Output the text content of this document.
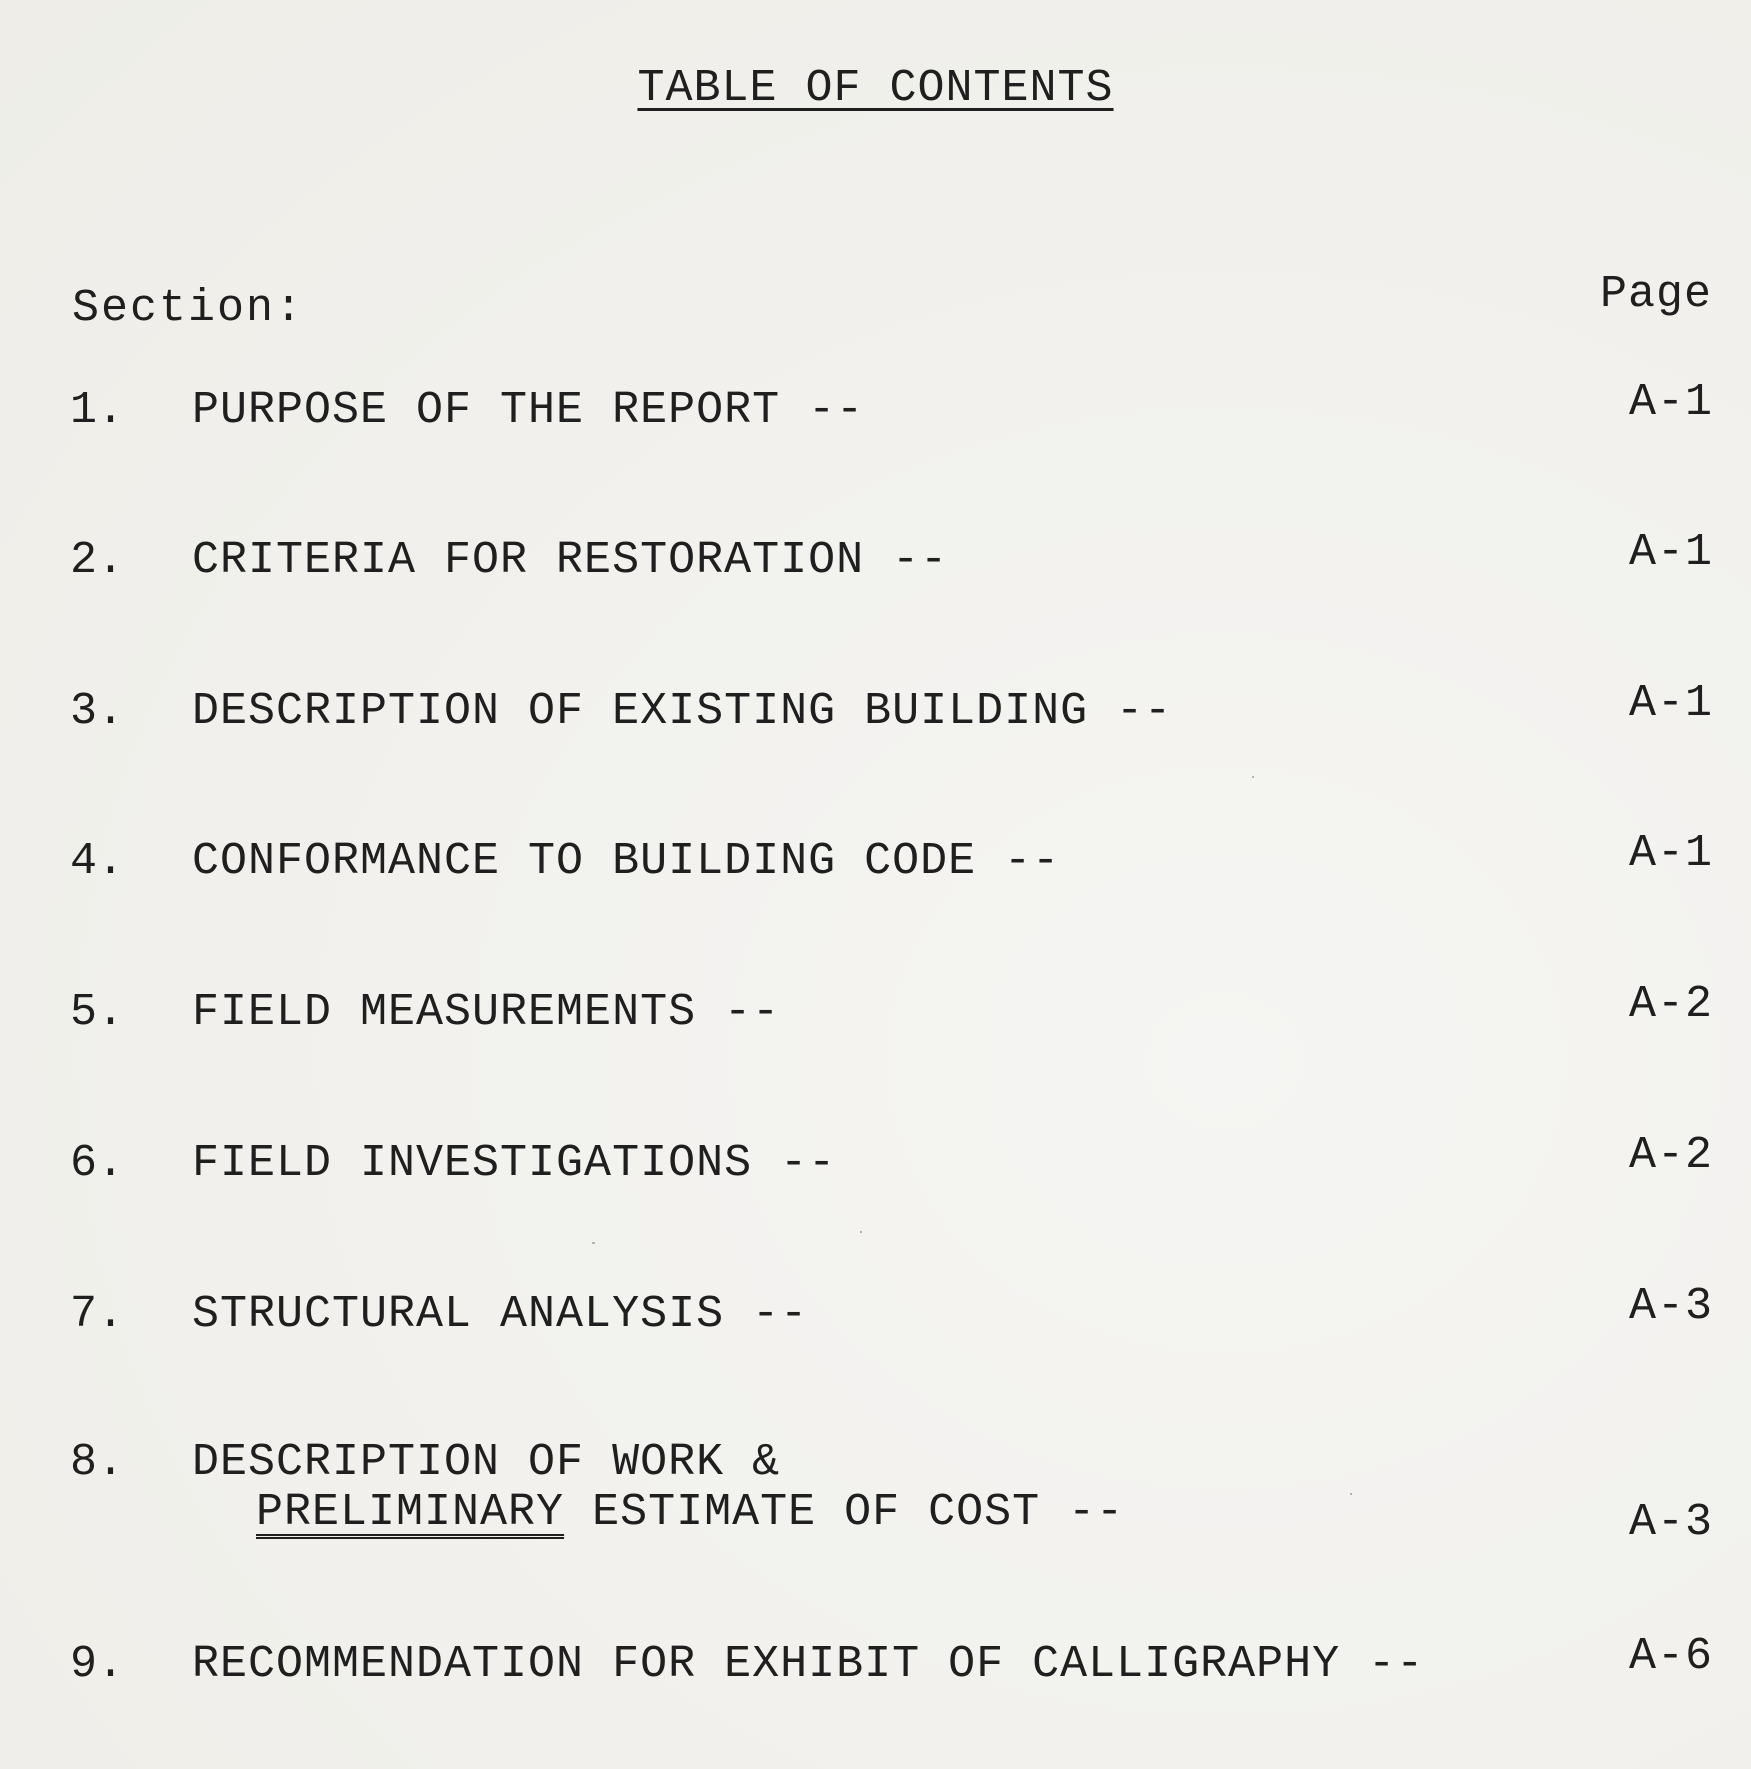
TABLE OF CONTENTS
Section:	Page
1. PURPOSE OF THE REPORT --	A-1
2. CRITERIA FOR RESTORATION --	A-1
3. DESCRIPTION OF EXISTING BUILDING --	A-1
4. CONFORMANCE TO BUILDING CODE --	A-1
5. FIELD MEASUREMENTS --	A-2
6. FIELD INVESTIGATIONS --	A-2
7. STRUCTURAL ANALYSIS --	A-3
8. DESCRIPTION OF WORK &
PRELIMINARY ESTIMATE OF COST --	A-3
9. RECOMMENDATION FOR EXHIBIT OF CALLIGRAPHY --	A-6
